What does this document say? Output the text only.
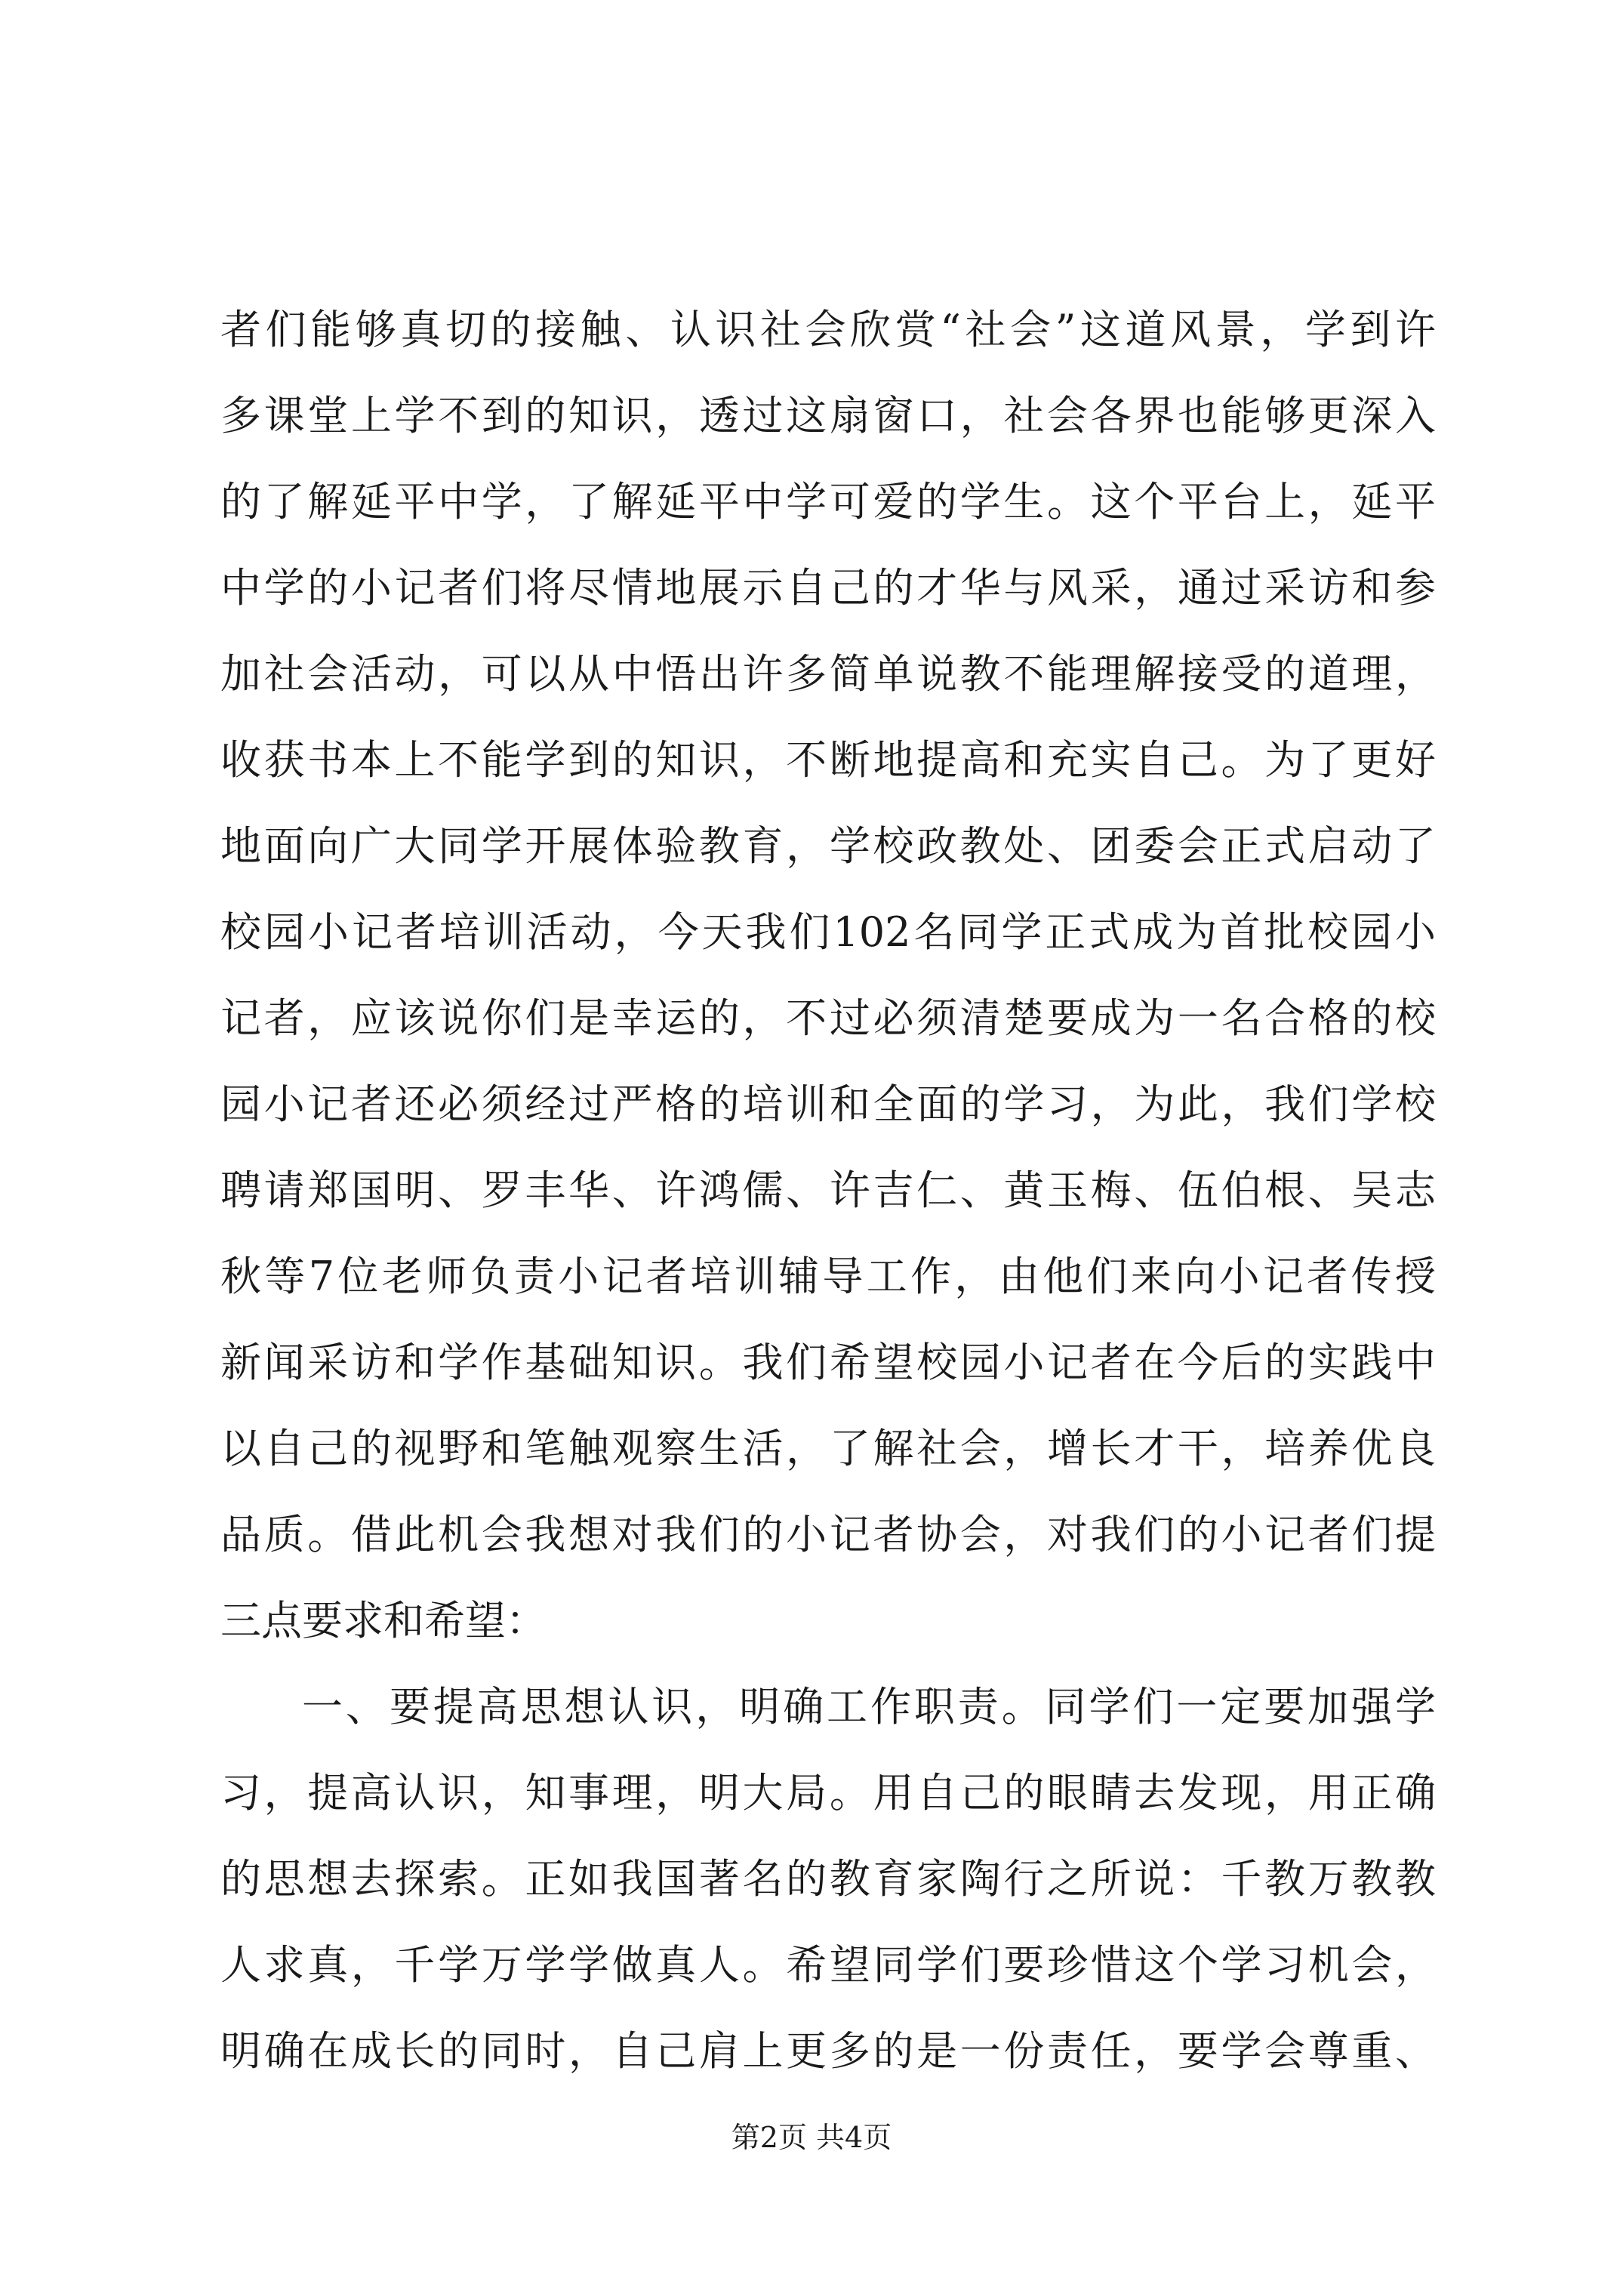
者们能够真切的接触、认识社会欣赏“社会”这道风景，学到许
多课堂上学不到的知识，透过这扇窗口，社会各界也能够更深入
的了解延平中学，了解延平中学可爱的学生。这个平台上，延平
中学的小记者们将尽情地展示自己的才华与风采，通过采访和参
加社会活动，可以从中悟出许多简单说教不能理解接受的道理，
收获书本上不能学到的知识，不断地提高和充实自己。为了更好
地面向广大同学开展体验教育，学校政教处、团委会正式启动了
校园小记者培训活动，今天我们102名同学正式成为首批校园小
记者，应该说你们是幸运的，不过必须清楚要成为一名合格的校
园小记者还必须经过严格的培训和全面的学习，为此，我们学校
聘请郑国明、罗丰华、许鸿儒、许吉仁、黄玉梅、伍伯根、吴志
秋等7位老师负责小记者培训辅导工作，由他们来向小记者传授
新闻采访和学作基础知识。我们希望校园小记者在今后的实践中
以自己的视野和笔触观察生活，了解社会，增长才干，培养优良
品质。借此机会我想对我们的小记者协会，对我们的小记者们提
三点要求和希望：
一、要提高思想认识，明确工作职责。同学们一定要加强学
习，提高认识，知事理，明大局。用自己的眼睛去发现，用正确
的思想去探索。正如我国著名的教育家陶行之所说：千教万教教
人求真，千学万学学做真人。希望同学们要珍惜这个学习机会，
明确在成长的同时，自己肩上更多的是一份责任，要学会尊重、
第2页 共4页
